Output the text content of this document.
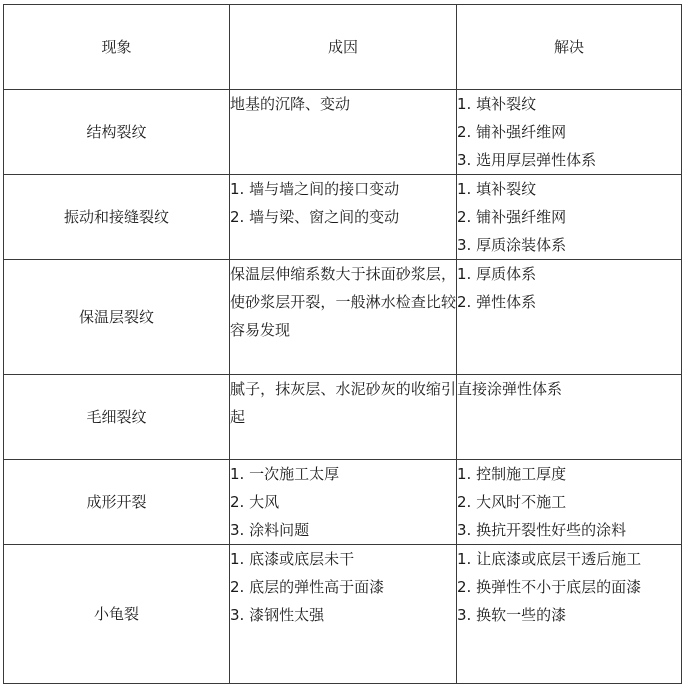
现象	成因	解决
结构裂纹	地基的沉降、变动	1. 填补裂纹
2. 铺补强纤维网
3. 选用厚层弹性体系

振动和接缝裂纹	1. 墙与墙之间的接口变动
2. 墙与梁、窗之间的变动	1. 填补裂纹
2. 铺补强纤维网
3. 厚质涂装体系

保温层裂纹	保温层伸缩系数大于抹面砂浆层，使砂浆层开裂，一般淋水检查比较容易发现	1. 厚质体系
2. 弹性体系

毛细裂纹	腻子，抹灰层、水泥砂灰的收缩引起	直接涂弹性体系

成形开裂	1. 一次施工太厚
2. 大风
3. 涂料问题	1. 控制施工厚度
2. 大风时不施工
3. 换抗开裂性好些的涂料

小龟裂	1. 底漆或底层未干
2. 底层的弹性高于面漆
3. 漆钢性太强	1. 让底漆或底层干透后施工
2. 换弹性不小于底层的面漆
3. 换软一些的漆
